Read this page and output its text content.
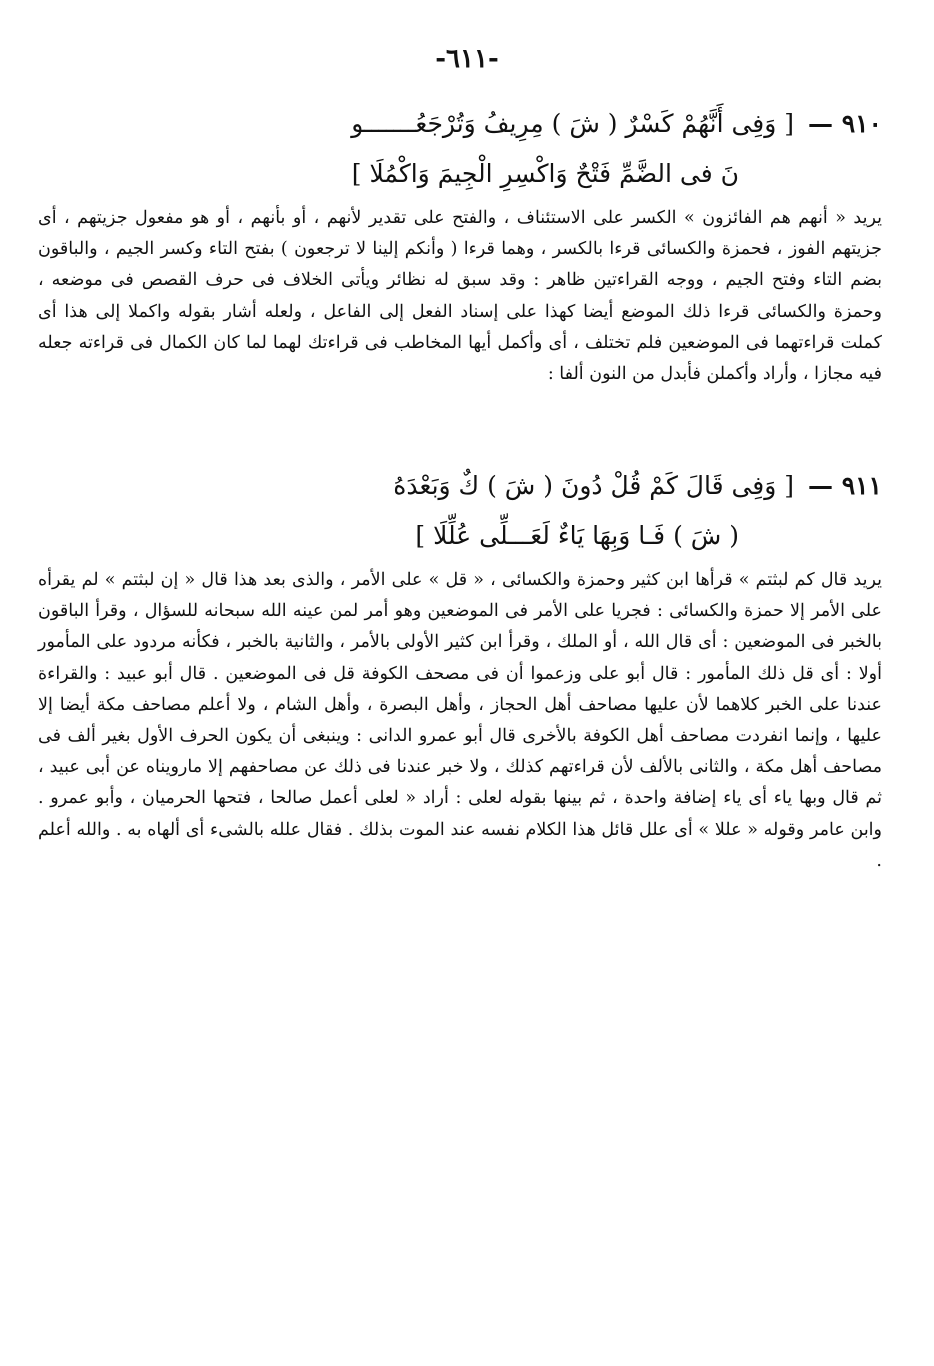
-٦١١-
٩١٠ — [ وَفِى أَنَّهُمْ كَسْرٌ ( شَ ) مِرِيفُ وَتُرْجَعُـــــــو
نَ فى الضَّمِّ فَتْحٌ وَاكْسِرِ الْجِيمَ وَاكْمُلَا ]

يريد « أنهم هم الفائزون » الكسر على الاستئناف ، والفتح على تقدير لأنهم ، أو بأنهم ، أو هو مفعول جزيتهم ، أى جزيتهم الفوز ، فحمزة والكسائى قرءا بالكسر ، وهما قرءا ( وأنكم إلينا لا ترجعون ) بفتح التاء وكسر الجيم ، والباقون بضم التاء وفتح الجيم ، ووجه القراءتين ظاهر : وقد سبق له نظائر ويأتى الخلاف فى حرف القصص فى موضعه ، وحمزة والكسائى قرءا ذلك الموضع أيضا كهذا على إسناد الفعل إلى الفاعل ، ولعله أشار بقوله واكملا إلى هذا أى كملت قراءتهما فى الموضعين فلم تختلف ، أى وأكمل أيها المخاطب فى قراءتك لهما لما كان الكمال فى قراءته جعله فيه مجازا ، وأراد وأكملن فأبدل من النون ألفا :

٩١١ — [ وَفِى قَالَ كَمْ قُلْ دُونَ ( شَ ) كٌ وَبَعْدَهُ
( شَ ) فَـا وَبِهَا يَاءٌ لَعَـــلِّى عُلِّلَا ]

يريد قال كم لبثتم » قرأها ابن كثير وحمزة والكسائى ، « قل » على الأمر ، والذى بعد هذا قال « إن لبثتم » لم يقرأه على الأمر إلا حمزة والكسائى : فجريا على الأمر فى الموضعين وهو أمر لمن عينه الله سبحانه للسؤال ، وقرأ الباقون بالخبر فى الموضعين : أى قال الله ، أو الملك ، وقرأ ابن كثير الأولى بالأمر ، والثانية بالخبر ، فكأنه مردود على المأمور أولا : أى قل ذلك المأمور : قال أبو على وزعموا أن فى مصحف الكوفة قل فى الموضعين . قال أبو عبيد : والقراءة عندنا على الخبر كلاهما لأن عليها مصاحف أهل الحجاز ، وأهل البصرة ، وأهل الشام ، ولا أعلم مصاحف مكة أيضا إلا عليها ، وإنما انفردت مصاحف أهل الكوفة بالأخرى قال أبو عمرو الدانى : وينبغى أن يكون الحرف الأول بغير ألف فى مصاحف أهل مكة ، والثانى بالألف لأن قراءتهم كذلك ، ولا خبر عندنا فى ذلك عن مصاحفهم إلا مارويناه عن أبى عبيد ، ثم قال وبها ياء أى ياء إضافة واحدة ، ثم بينها بقوله لعلى : أراد « لعلى أعمل صالحا ، فتحها الحرميان ، وأبو عمرو . وابن عامر وقوله « عللا » أى علل قائل هذا الكلام نفسه عند الموت بذلك . فقال علله بالشىء أى ألهاه به . والله أعلم .
